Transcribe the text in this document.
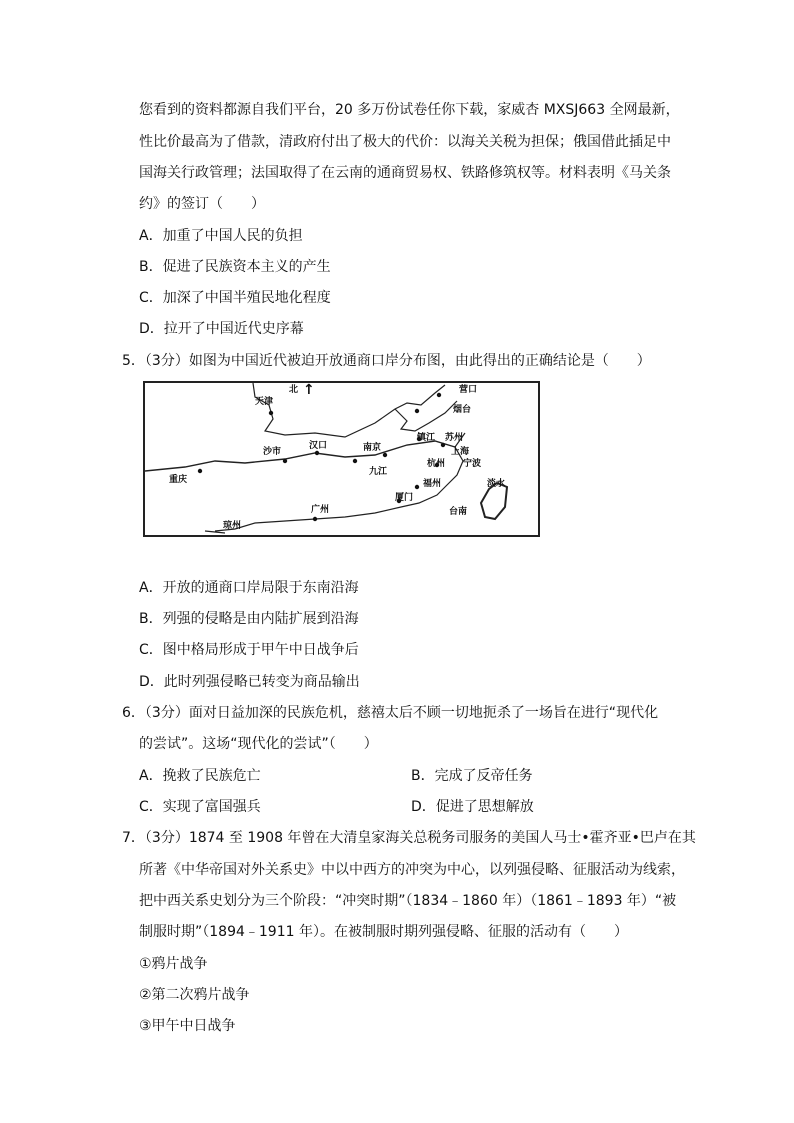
您看到的资料都源自我们平台，20 多万份试卷任你下载，家威杏 MXSJ663 全网最新，
性比价最高为了借款，清政府付出了极大的代价：以海关关税为担保；俄国借此插足中
国海关行政管理；法国取得了在云南的通商贸易权、铁路修筑权等。材料表明《马关条
约》的签订（　　）
A．加重了中国人民的负担
B．促进了民族资本主义的产生
C．加深了中国半殖民地化程度
D．拉开了中国近代史序幕
5．（3分）如图为中国近代被迫开放通商口岸分布图，由此得出的正确结论是（　　）
北 ↑
天津
营口
烟台
南京
镇江 苏州
上海
杭州 宁波
重庆
沙市
汉口
九江
福州
厦门
广州
淡水
台南
琼州
A．开放的通商口岸局限于东南沿海
B．列强的侵略是由内陆扩展到沿海
C．图中格局形成于甲午中日战争后
D．此时列强侵略已转变为商品输出
6．（3分）面对日益加深的民族危机，慈禧太后不顾一切地扼杀了一场旨在进行“现代化
的尝试”。这场“现代化的尝试”（　　）
A．挽救了民族危亡	B．完成了反帝任务
C．实现了富国强兵	D．促进了思想解放
7．（3分）1874 至 1908 年曾在大清皇家海关总税务司服务的美国人马士•霍齐亚•巴卢在其
所著《中华帝国对外关系史》中以中西方的冲突为中心，以列强侵略、征服活动为线索，
把中西关系史划分为三个阶段：“冲突时期”（1834﹣1860 年）（1861﹣1893 年）“被
制服时期”（1894﹣1911 年）。在被制服时期列强侵略、征服的活动有（　　）
①鸦片战争
②第二次鸦片战争
③甲午中日战争
